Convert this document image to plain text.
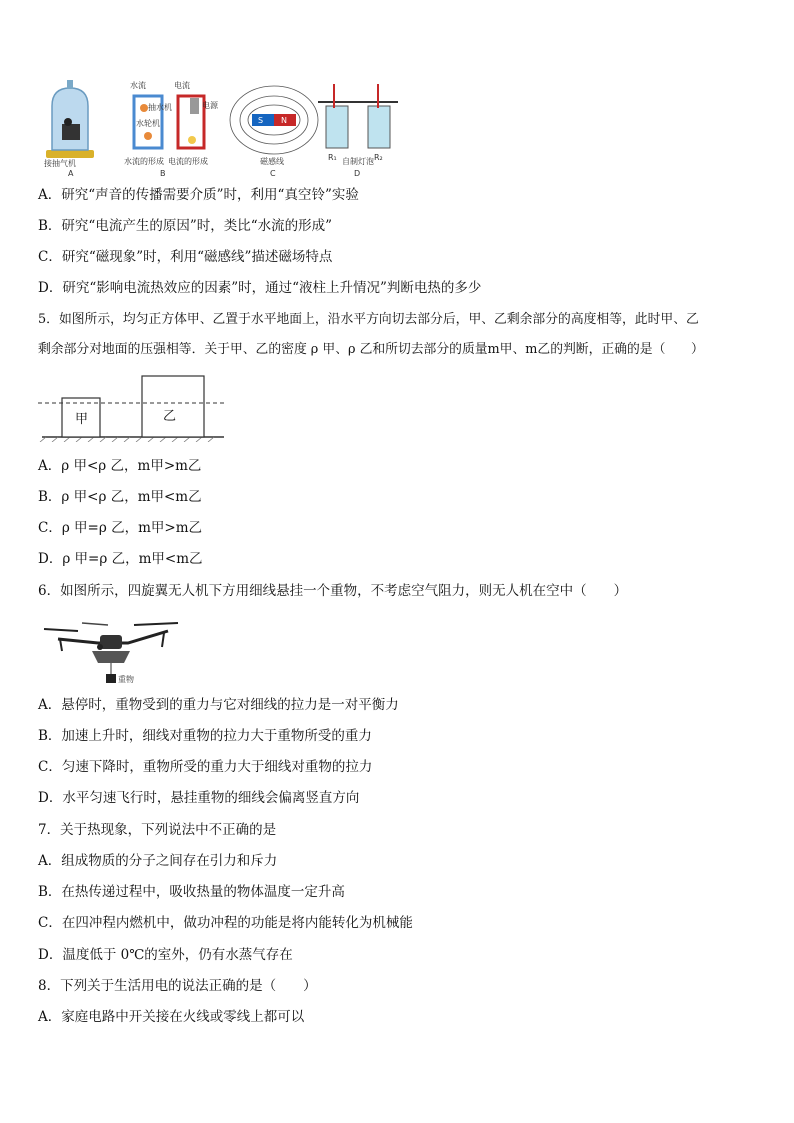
接抽气机
A
水流
抽水机
水轮机
水流的形成
电流
电源
电流的形成
B
S N
磁感线
C
R₁ 自制灯泡 R₂
D
A．研究“声音的传播需要介质”时，利用“真空铃”实验
B．研究“电流产生的原因”时，类比“水流的形成”
C．研究“磁现象”时，利用“磁感线”描述磁场特点
D．研究“影响电流热效应的因素”时，通过“液柱上升情况”判断电热的多少
5．如图所示，均匀正方体甲、乙置于水平地面上，沿水平方向切去部分后，甲、乙剩余部分的高度相等，此时甲、乙
剩余部分对地面的压强相等．关于甲、乙的密度 ρ 甲、ρ 乙和所切去部分的质量m甲、m乙的判断，正确的是（　　）
甲	乙
A．ρ 甲<ρ 乙，m甲>m乙
B．ρ 甲<ρ 乙，m甲<m乙
C．ρ 甲=ρ 乙，m甲>m乙
D．ρ 甲=ρ 乙，m甲<m乙
6．如图所示，四旋翼无人机下方用细线悬挂一个重物，不考虑空气阻力，则无人机在空中（　　）
重物
A．悬停时，重物受到的重力与它对细线的拉力是一对平衡力
B．加速上升时，细线对重物的拉力大于重物所受的重力
C．匀速下降时，重物所受的重力大于细线对重物的拉力
D．水平匀速飞行时，悬挂重物的细线会偏离竖直方向
7．关于热现象，下列说法中不正确的是
A．组成物质的分子之间存在引力和斥力
B．在热传递过程中，吸收热量的物体温度一定升高
C．在四冲程内燃机中，做功冲程的功能是将内能转化为机械能
D．温度低于 0℃的室外，仍有水蒸气存在
8．下列关于生活用电的说法正确的是（　　）
A．家庭电路中开关接在火线或零线上都可以
